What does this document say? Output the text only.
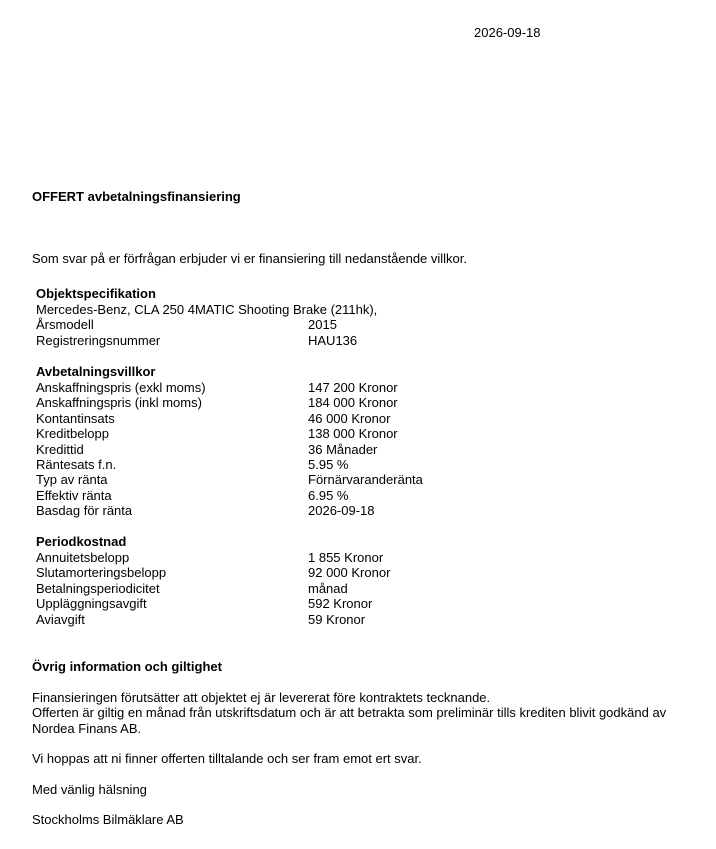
2026-09-18
OFFERT avbetalningsfinansiering
Som svar på er förfrågan erbjuder vi er finansiering till nedanstående villkor.
Objektspecifikation
Mercedes-Benz, CLA 250 4MATIC Shooting Brake (211hk),
Årsmodell	2015
Registreringsnummer	HAU136
Avbetalningsvillkor
Anskaffningspris (exkl moms)	147 200 Kronor
Anskaffningspris (inkl moms)	184 000 Kronor
Kontantinsats	46 000 Kronor
Kreditbelopp	138 000 Kronor
Kredittid	36 Månader
Räntesats f.n.	5.95 %
Typ av ränta	Förnärvaranderänta
Effektiv ränta	6.95 %
Basdag för ränta	2026-09-18
Periodkostnad
Annuitetsbelopp	1 855 Kronor
Slutamorteringsbelopp	92 000 Kronor
Betalningsperiodicitet	månad
Uppläggningsavgift	592 Kronor
Aviavgift	59 Kronor
Övrig information och giltighet
Finansieringen förutsätter att objektet ej är levererat före kontraktets tecknande.
Offerten är giltig en månad från utskriftsdatum och är att betrakta som preliminär tills krediten blivit godkänd av Nordea Finans AB.
Vi hoppas att ni finner offerten tilltalande och ser fram emot ert svar.
Med vänlig hälsning
Stockholms Bilmäklare AB
